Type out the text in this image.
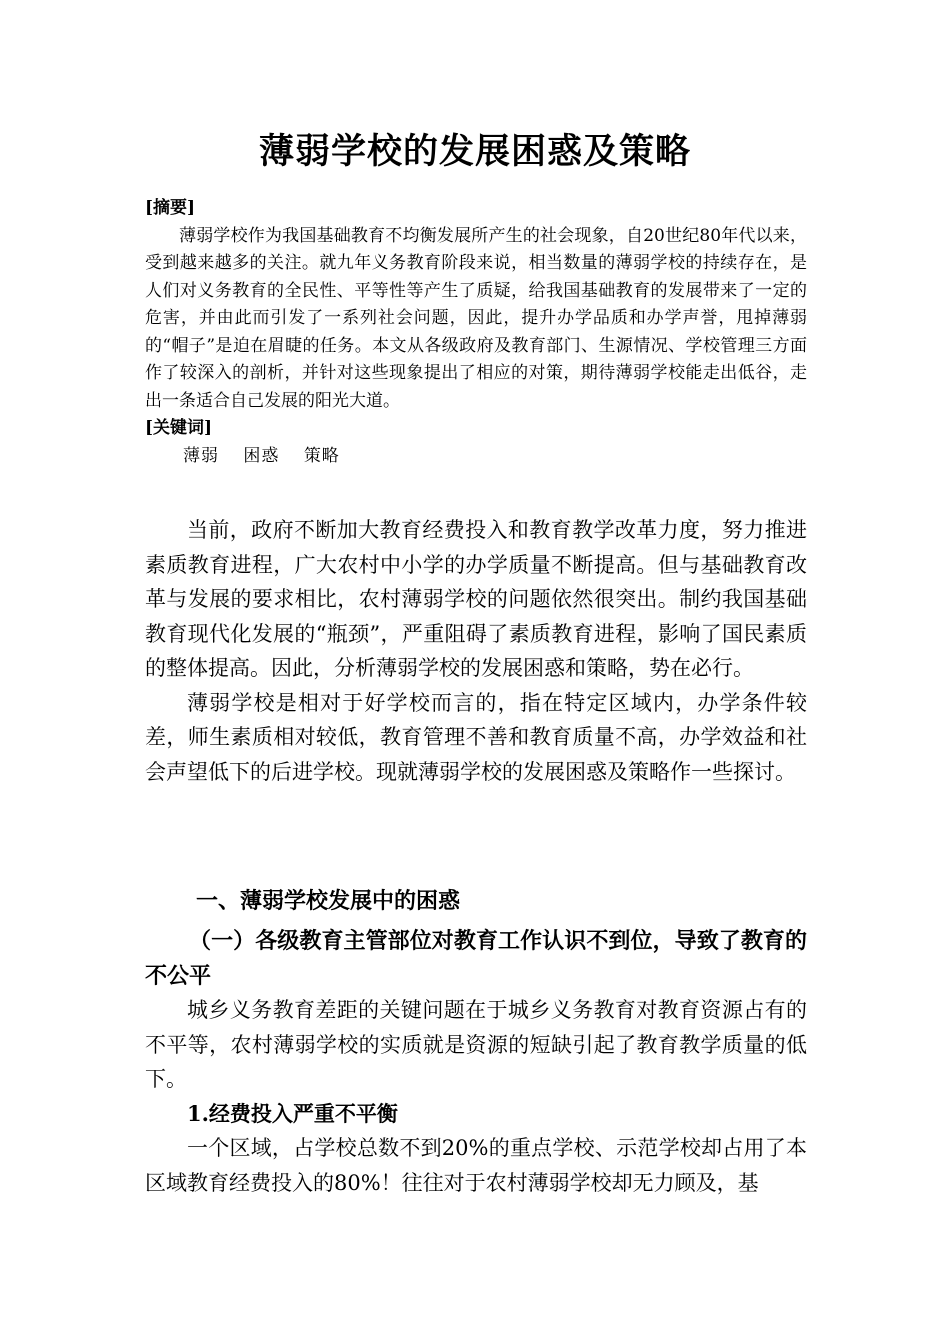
薄弱学校的发展困惑及策略
[摘要]

薄弱学校作为我国基础教育不均衡发展所产生的社会现象，自20世纪80年代以来，受到越来越多的关注。就九年义务教育阶段来说，相当数量的薄弱学校的持续存在，是人们对义务教育的全民性、平等性等产生了质疑，给我国基础教育的发展带来了一定的危害，并由此而引发了一系列社会问题，因此，提升办学品质和办学声誉，甩掉薄弱的“帽子”是迫在眉睫的任务。本文从各级政府及教育部门、生源情况、学校管理三方面作了较深入的剖析，并针对这些现象提出了相应的对策，期待薄弱学校能走出低谷，走出一条适合自己发展的阳光大道。

[关键词]
薄弱 困惑 策略

当前，政府不断加大教育经费投入和教育教学改革力度，努力推进素质教育进程，广大农村中小学的办学质量不断提高。但与基础教育改革与发展的要求相比，农村薄弱学校的问题依然很突出。制约我国基础教育现代化发展的“瓶颈”，严重阻碍了素质教育进程，影响了国民素质的整体提高。因此，分析薄弱学校的发展困惑和策略，势在必行。

薄弱学校是相对于好学校而言的，指在特定区域内，办学条件较差，师生素质相对较低，教育管理不善和教育质量不高，办学效益和社会声望低下的后进学校。现就薄弱学校的发展困惑及策略作一些探讨。

一、薄弱学校发展中的困惑

（一）各级教育主管部位对教育工作认识不到位，导致了教育的不公平

城乡义务教育差距的关键问题在于城乡义务教育对教育资源占有的不平等，农村薄弱学校的实质就是资源的短缺引起了教育教学质量的低下。

1.经费投入严重不平衡

一个区域，占学校总数不到20%的重点学校、示范学校却占用了本区域教育经费投入的80%！往往对于农村薄弱学校却无力顾及，基
